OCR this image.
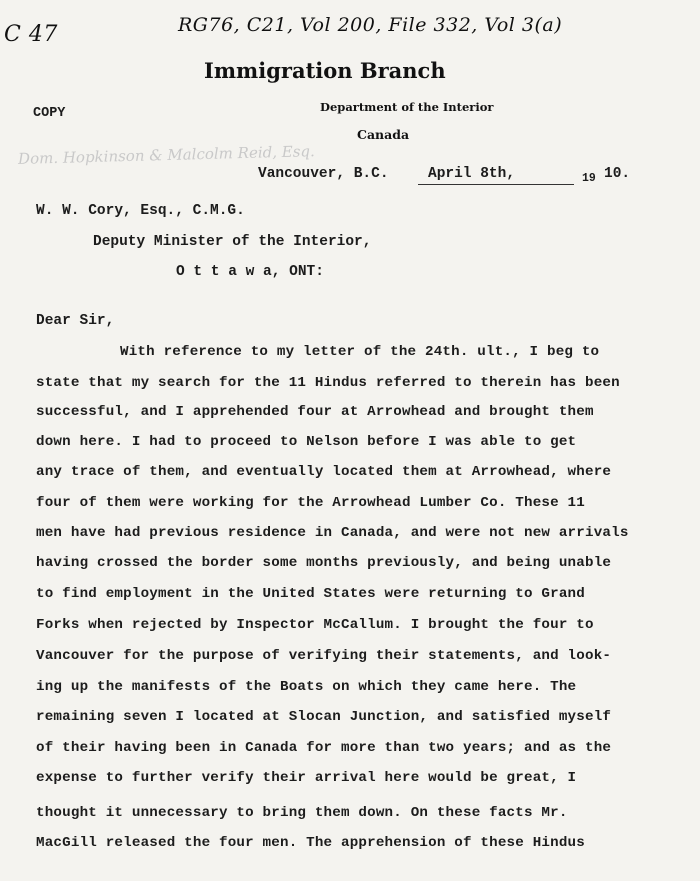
C 47	RG76, C21, Vol 200, File 332, Vol 3(a)
Dom. Hopkinson & Malcolm Reid, Esq.
Immigration Branch
Department of the Interior
Canada
COPY
Vancouver, B.C.	April 8th,	19 10.
W. W. Cory, Esq., C.M.G.
Deputy Minister of the Interior,
O t t a w a, ONT:
Dear Sir,
With reference to my letter of the 24th. ult., I beg to
state that my search for the 11 Hindus referred to therein has been
successful, and I apprehended four at Arrowhead and brought them
down here. I had to proceed to Nelson before I was able to get
any trace of them, and eventually located them at Arrowhead, where
four of them were working for the Arrowhead Lumber Co. These 11
men have had previous residence in Canada, and were not new arrivals
having crossed the border some months previously, and being unable
to find employment in the United States were returning to Grand
Forks when rejected by Inspector McCallum. I brought the four to
Vancouver for the purpose of verifying their statements, and look-
ing up the manifests of the Boats on which they came here. The
remaining seven I located at Slocan Junction, and satisfied myself
of their having been in Canada for more than two years; and as the
expense to further verify their arrival here would be great, I
thought it unnecessary to bring them down. On these facts Mr.
MacGill released the four men. The apprehension of these Hindus
